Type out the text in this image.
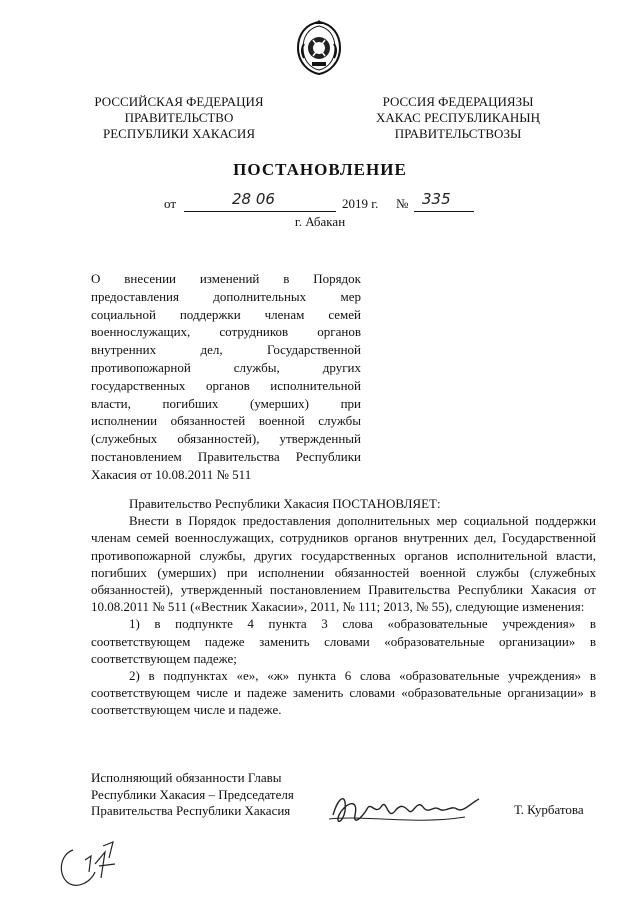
РОССИЙСКАЯ ФЕДЕРАЦИЯ
ПРАВИТЕЛЬСТВО
РЕСПУБЛИКИ ХАКАСИЯ
РОССИЯ ФЕДЕРАЦИЯЗЫ
ХАКАС РЕСПУБЛИКАНЫҢ
ПРАВИТЕЛЬСТВОЗЫ
ПОСТАНОВЛЕНИЕ
от	28 06	2019 г. № 335
г. Абакан
О внесении изменений в Порядок
предоставления дополнительных мер
социальной поддержки членам семей
военнослужащих, сотрудников органов
внутренних дел, Государственной
противопожарной службы, других
государственных органов исполнительной
власти, погибших (умерших) при
исполнении обязанностей военной службы
(служебных обязанностей), утвержденный
постановлением Правительства Республики
Хакасия от 10.08.2011 № 511

Правительство Республики Хакасия ПОСТАНОВЛЯЕТ:

Внести в Порядок предоставления дополнительных мер социальной поддержки членам семей военнослужащих, сотрудников органов внутренних дел, Государственной противопожарной службы, других государственных органов исполнительной власти, погибших (умерших) при исполнении обязанностей военной службы (служебных обязанностей), утвержденный постановлением Правительства Республики Хакасия от 10.08.2011 № 511 («Вестник Хакасии», 2011, № 111; 2013, № 55), следующие изменения:

1) в подпункте 4 пункта 3 слова «образовательные учреждения» в соответствующем падеже заменить словами «образовательные организации» в соответствующем падеже;

2) в подпунктах «е», «ж» пункта 6 слова «образовательные учреждения» в соответствующем числе и падеже заменить словами «образовательные организации» в соответствующем числе и падеже.

Исполняющий обязанности Главы
Республики Хакасия – Председателя
Правительства Республики Хакасия	Т. Курбатова
